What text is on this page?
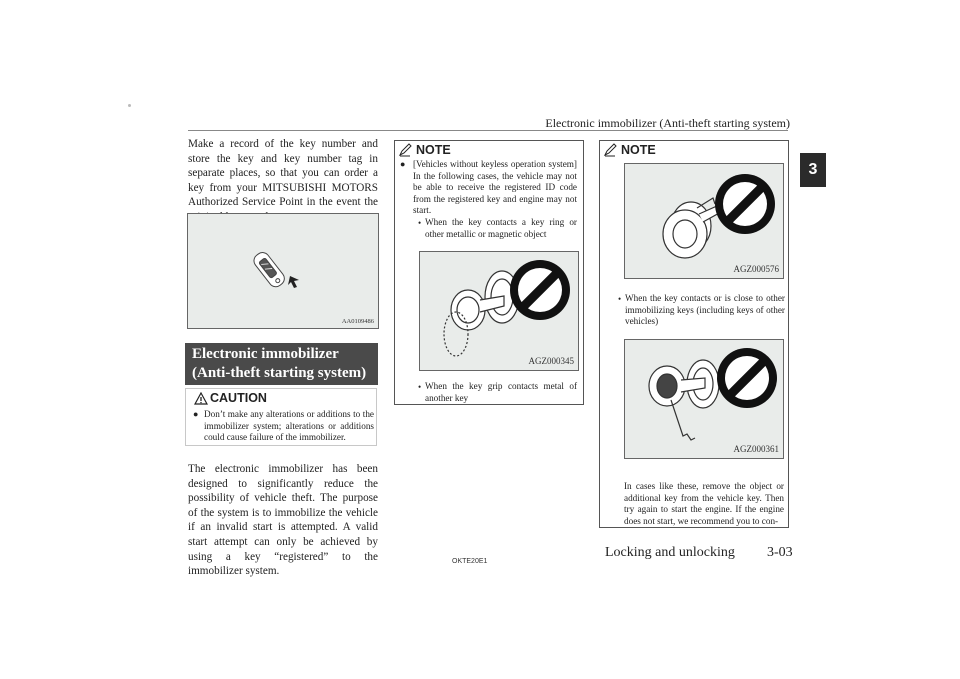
Electronic immobilizer (Anti-theft starting system)
3
Make a record of the key number and store the key and key number tag in separate places, so that you can order a key from your MITSUBISHI MOTORS Authorized Service Point in the event the
AA0109486
Electronic immobilizer
(Anti-theft starting system)
CAUTION
● Don’t make any alterations or additions to the immobilizer system; alterations or additions could cause failure of the immobilizer.
The electronic immobilizer has been designed to significantly reduce the possibility of vehicle theft. The purpose of the system is to immobilize the vehicle if an invalid start is attempted. A valid start attempt can only be achieved by using a key “registered” to the immobilizer system.
NOTE
● [Vehicles without keyless operation system] In the following cases, the vehicle may not be able to receive the registered ID code from the registered key and engine may not start.
• When the key contacts a key ring or other metallic or magnetic object
AGZ000345
• When the key grip contacts metal of another key
NOTE
AGZ000576
• When the key contacts or is close to other immobilizing keys (including keys of other vehicles)
AGZ000361
In cases like these, remove the object or additional key from the vehicle key. Then try again to start the engine. If the engine does not start, we recommend you to con-
OKTE20E1
Locking and unlocking 3-03
